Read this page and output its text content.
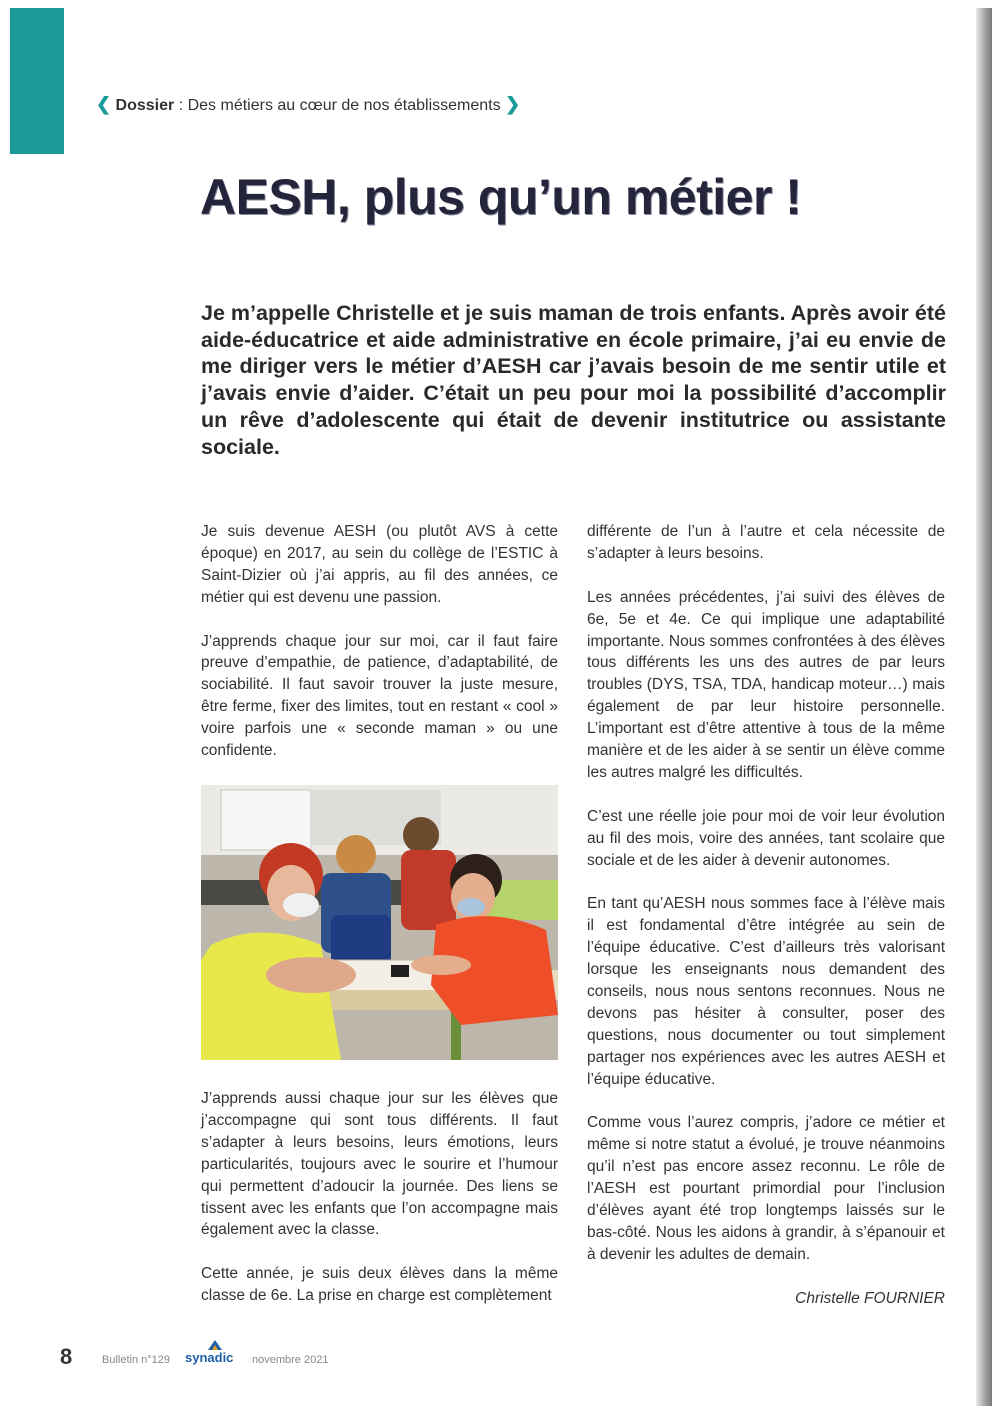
❮ Dossier : Des métiers au cœur de nos établissements ❯
AESH, plus qu’un métier !
Je m’appelle Christelle et je suis maman de trois enfants. Après avoir été aide-éducatrice et aide administrative en école primaire, j’ai eu envie de me diriger vers le métier d’AESH car j’avais besoin de me sentir utile et j’avais envie d’aider. C’était un peu pour moi la possibilité d’accomplir un rêve d’adolescente qui était de devenir institutrice ou assistante sociale.

Je suis devenue AESH (ou plutôt AVS à cette époque) en 2017, au sein du collège de l’ESTIC à Saint-Dizier où j’ai appris, au fil des années, ce métier qui est devenu une passion.

J’apprends chaque jour sur moi, car il faut faire preuve d’empathie, de patience, d’adaptabilité, de sociabilité. Il faut savoir trouver la juste mesure, être ferme, fixer des limites, tout en restant « cool » voire parfois une « seconde maman » ou une confidente.

J’apprends aussi chaque jour sur les élèves que j’accompagne qui sont tous différents. Il faut s’adapter à leurs besoins, leurs émotions, leurs particularités, toujours avec le sourire et l’humour qui permettent d’adoucir la journée. Des liens se tissent avec les enfants que l’on accompagne mais également avec la classe.

Cette année, je suis deux élèves dans la même classe de 6e. La prise en charge est complètement

différente de l’un à l’autre et cela nécessite de s’adapter à leurs besoins.

Les années précédentes, j’ai suivi des élèves de 6e, 5e et 4e. Ce qui implique une adaptabilité importante. Nous sommes confrontées à des élèves tous différents les uns des autres de par leurs troubles (DYS, TSA, TDA, handicap moteur…) mais également de par leur histoire personnelle. L’important est d’être attentive à tous de la même manière et de les aider à se sentir un élève comme les autres malgré les difficultés.

C’est une réelle joie pour moi de voir leur évolution au fil des mois, voire des années, tant scolaire que sociale et de les aider à devenir autonomes.

En tant qu’AESH nous sommes face à l’élève mais il est fondamental d’être intégrée au sein de l’équipe éducative. C’est d’ailleurs très valorisant lorsque les enseignants nous demandent des conseils, nous nous sentons reconnues. Nous ne devons pas hésiter à consulter, poser des questions, nous documenter ou tout simplement partager nos expériences avec les autres AESH et l’équipe éducative.

Comme vous l’aurez compris, j’adore ce métier et même si notre statut a évolué, je trouve néanmoins qu’il n’est pas encore assez reconnu. Le rôle de l’AESH est pourtant primordial pour l’inclusion d’élèves ayant été trop longtemps laissés sur le bas-côté. Nous les aidons à grandir, à s’épanouir et à devenir les adultes de demain.

Christelle FOURNIER

8	Bulletin n°129 synadic novembre 2021
